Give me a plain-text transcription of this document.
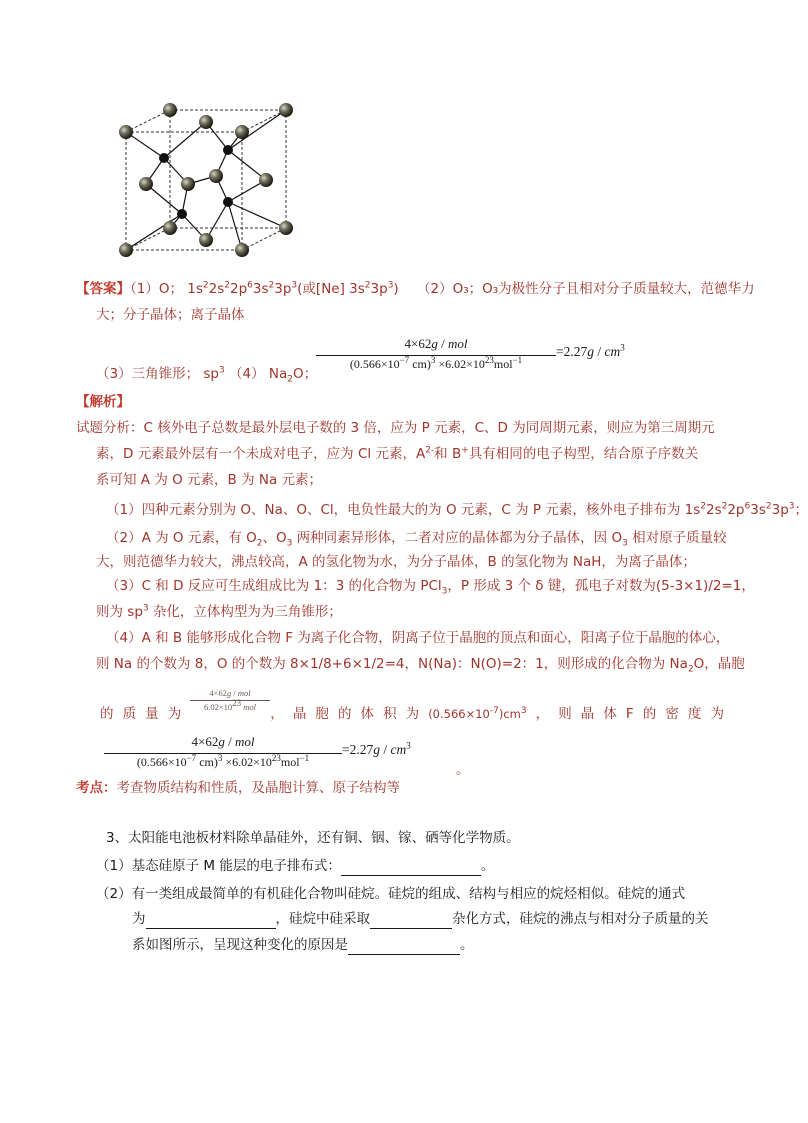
【答案】（1）O； $1s^22s^22p^63s^23p^3$(或[Ne] $3s^23p^3$) （2）O₃；O₃为极性分子且相对分子质量较大，范德华力
大；分子晶体；离子晶体
（3）三角锥形； $sp^3$ （4） $Na_2O$；
4×62g / mol
($0.566\times 10^{-7}$ $cm)^3 \times 6.02\times 10^{23}mol^{-1}$
$=2.27g / cm^3$
【解析】
试题分析：C 核外电子总数是最外层电子数的 3 倍，应为 P 元素，C、D 为同周期元素，则应为第三周期元
素，D 元素最外层有一个未成对电子，应为 Cl 元素，$A^{2-}$和 B+具有相同的电子构型，结合原子序数关
系可知 A 为 O 元素，B 为 Na 元素；
（1）四种元素分别为 O、Na、O、Cl，电负性最大的为 O 元素，C 为 P 元素，核外电子排布为 $1s^22s^22p^63s^23p^3$；
（2）A 为 O 元素，有 $O_2$、$O_3$ 两种同素异形体，二者对应的晶体都为分子晶体，因 $O_3$ 相对原子质量较
大，则范德华力较大，沸点较高，A 的氢化物为水，为分子晶体，B 的氢化物为 NaH，为离子晶体；
（3）C 和 D 反应可生成组成比为 1：3 的化合物为 PCl$_3$，P 形成 3 个 δ 键，孤电子对数为(5-3×1)/2=1，
则为 $sp^3$ 杂化，立体构型为为三角锥形；
（4）A 和 B 能够形成化合物 F 为离子化合物，阴离子位于晶胞的顶点和面心，阳离子位于晶胞的体心，
则 Na 的个数为 8，O 的个数为 8×1/8+6×1/2=4，N(Na)：N(O)=2：1，则形成的化合物为 $Na_2O$，晶胞
的 质 量 为	， 晶 胞 的 体 积 为 $(0.566\times 10^{-7})cm^3$ ， 则 晶 体 F 的 密 度 为
4×62g / mol
$6.02\times 10^{23}$ mol
4×62g / mol
($0.566\times 10^{-7}$ $cm)^3 \times 6.02\times 10^{23}mol^{-1}$
$=2.27g / cm^3$
。
考点：考查物质结构和性质，及晶胞计算、原子结构等
3、太阳能电池板材料除单晶硅外，还有铜、铟、镓、硒等化学物质。
（1）基态硅原子 M 能层的电子排布式：	。
（2）有一类组成最简单的有机硅化合物叫硅烷。硅烷的组成、结构与相应的烷烃相似。硅烷的通式
为	，硅烷中硅采取	杂化方式，硅烷的沸点与相对分子质量的关
系如图所示，呈现这种变化的原因是	。
